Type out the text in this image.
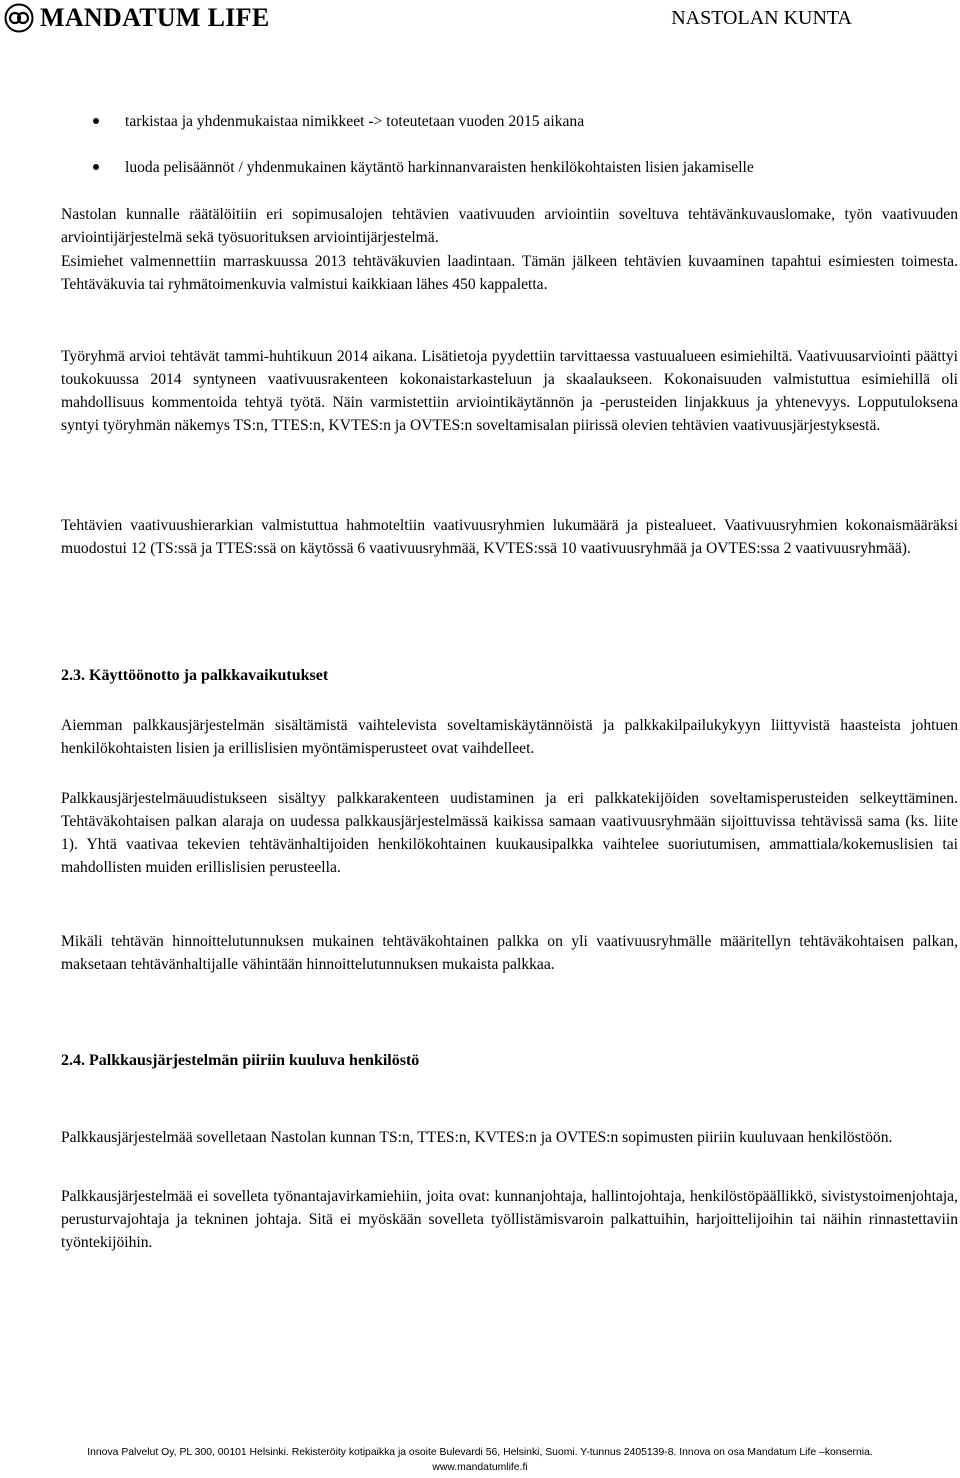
MANDATUM LIFE	NASTOLAN KUNTA
tarkistaa ja yhdenmukaistaa nimikkeet -> toteutetaan vuoden 2015 aikana
luoda pelisäännöt / yhdenmukainen käytäntö harkinnanvaraisten henkilökohtaisten lisien jakamiselle

Nastolan kunnalle räätälöitiin eri sopimusalojen tehtävien vaativuuden arviointiin soveltuva tehtävänkuvauslomake, työn vaativuuden arviointijärjestelmä sekä työsuorituksen arviointijärjestelmä.

Esimiehet valmennettiin marraskuussa 2013 tehtäväkuvien laadintaan. Tämän jälkeen tehtävien kuvaaminen tapahtui esimiesten toimesta. Tehtäväkuvia tai ryhmätoimenkuvia valmistui kaikkiaan lähes 450 kappaletta.

Työryhmä arvioi tehtävät tammi-huhtikuun 2014 aikana. Lisätietoja pyydettiin tarvittaessa vastuualueen esimiehiltä. Vaativuusarviointi päättyi toukokuussa 2014 syntyneen vaativuusrakenteen kokonaistarkasteluun ja skaalaukseen. Kokonaisuuden valmistuttua esimiehillä oli mahdollisuus kommentoida tehtyä työtä. Näin varmistettiin arviointikäytännön ja -perusteiden linjakkuus ja yhtenevyys. Lopputuloksena syntyi työryhmän näkemys TS:n, TTES:n, KVTES:n ja OVTES:n soveltamisalan piirissä olevien tehtävien vaativuusjärjestyksestä.

Tehtävien vaativuushierarkian valmistuttua hahmoteltiin vaativuusryhmien lukumäärä ja pistealueet. Vaativuusryhmien kokonaismääräksi muodostui 12 (TS:ssä ja TTES:ssä on käytössä 6 vaativuusryhmää, KVTES:ssä 10 vaativuusryhmää ja OVTES:ssa 2 vaativuusryhmää).

2.3. Käyttöönotto ja palkkavaikutukset

Aiemman palkkausjärjestelmän sisältämistä vaihtelevista soveltamiskäytännöistä ja palkkakilpailukykyyn liittyvistä haasteista johtuen henkilökohtaisten lisien ja erillislisien myöntämisperusteet ovat vaihdelleet.

Palkkausjärjestelmäuudistukseen sisältyy palkkarakenteen uudistaminen ja eri palkkatekijöiden soveltamisperusteiden selkeyttäminen. Tehtäväkohtaisen palkan alaraja on uudessa palkkausjärjestelmässä kaikissa samaan vaativuusryhmään sijoittuvissa tehtävissä sama (ks. liite 1). Yhtä vaativaa tekevien tehtävänhaltijoiden henkilökohtainen kuukausipalkka vaihtelee suoriutumisen, ammattiala/kokemuslisien tai mahdollisten muiden erillislisien perusteella.

Mikäli tehtävän hinnoittelutunnuksen mukainen tehtäväkohtainen palkka on yli vaativuusryhmälle määritellyn tehtäväkohtaisen palkan, maksetaan tehtävänhaltijalle vähintään hinnoittelutunnuksen mukaista palkkaa.

2.4. Palkkausjärjestelmän piiriin kuuluva henkilöstö

Palkkausjärjestelmää sovelletaan Nastolan kunnan TS:n, TTES:n, KVTES:n ja OVTES:n sopimusten piiriin kuuluvaan henkilöstöön.

Palkkausjärjestelmää ei sovelleta työnantajavirkamiehiin, joita ovat: kunnanjohtaja, hallintojohtaja, henkilöstöpäällikkö, sivistystoimenjohtaja, perusturvajohtaja ja tekninen johtaja. Sitä ei myöskään sovelleta työllistämisvaroin palkattuihin, harjoittelijoihin tai näihin rinnastettaviin työntekijöihin.

Innova Palvelut Oy, PL 300, 00101 Helsinki. Rekisteröity kotipaikka ja osoite Bulevardi 56, Helsinki, Suomi. Y-tunnus 2405139-8. Innova on osa Mandatum Life –konsernia.
www.mandatumlife.fi
